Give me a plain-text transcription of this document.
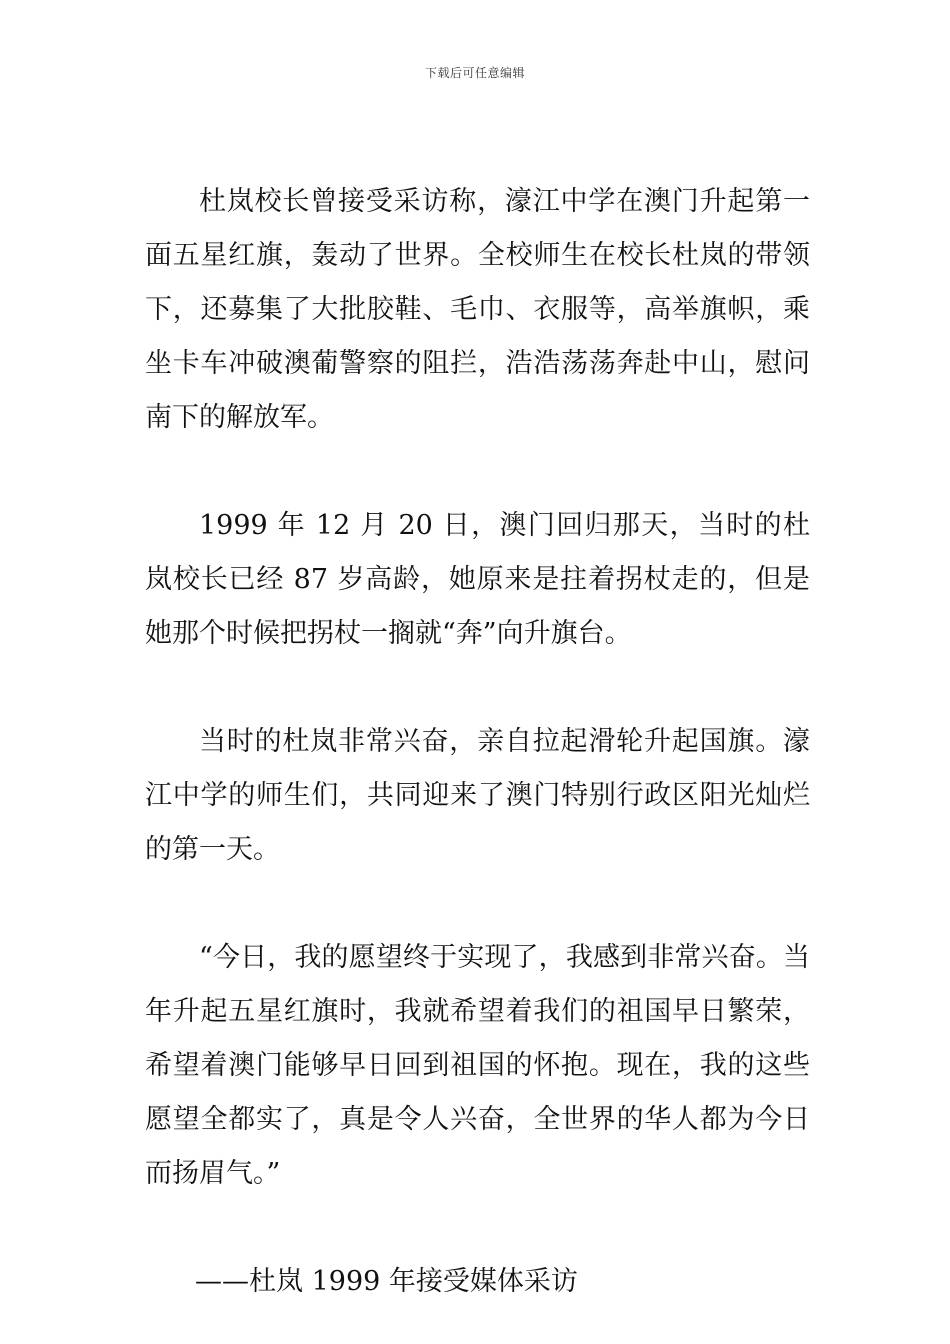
下载后可任意编辑

杜岚校长曾接受采访称，濠江中学在澳门升起第一面五星红旗，轰动了世界。全校师生在校长杜岚的带领下，还募集了大批胶鞋、毛巾、衣服等，高举旗帜，乘坐卡车冲破澳葡警察的阻拦，浩浩荡荡奔赴中山，慰问南下的解放军。

1999 年 12 月 20 日，澳门回归那天，当时的杜岚校长已经 87 岁高龄，她原来是拄着拐杖走的，但是她那个时候把拐杖一搁就“奔”向升旗台。

当时的杜岚非常兴奋，亲自拉起滑轮升起国旗。濠江中学的师生们，共同迎来了澳门特别行政区阳光灿烂的第一天。

“今日，我的愿望终于实现了，我感到非常兴奋。当年升起五星红旗时，我就希望着我们的祖国早日繁荣，希望着澳门能够早日回到祖国的怀抱。现在，我的这些愿望全都实了，真是令人兴奋，全世界的华人都为今日而扬眉气。”

——杜岚 1999 年接受媒体采访
